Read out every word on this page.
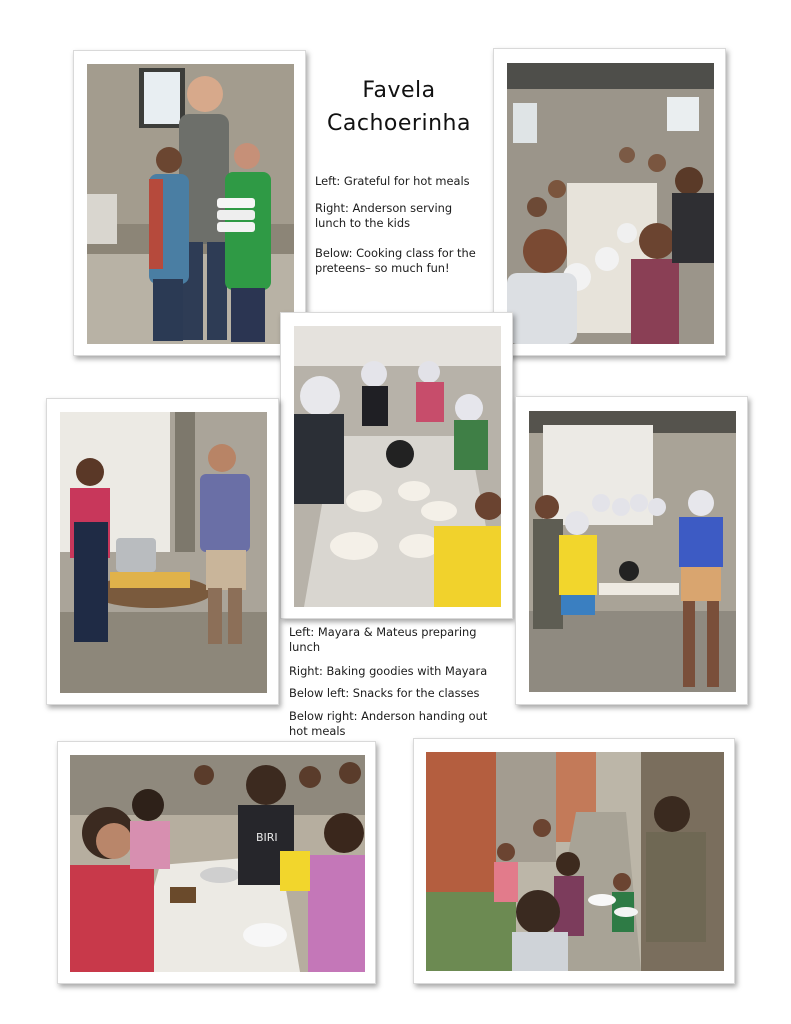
Favela
Cachoerinha
Left: Grateful for hot meals
Right: Anderson serving lunch to the kids
Below: Cooking class for the preteens– so much fun!
Left: Mayara & Mateus preparing lunch
Right: Baking goodies with Mayara
Below left: Snacks for the classes
Below right: Anderson handing out hot meals
BIRI
